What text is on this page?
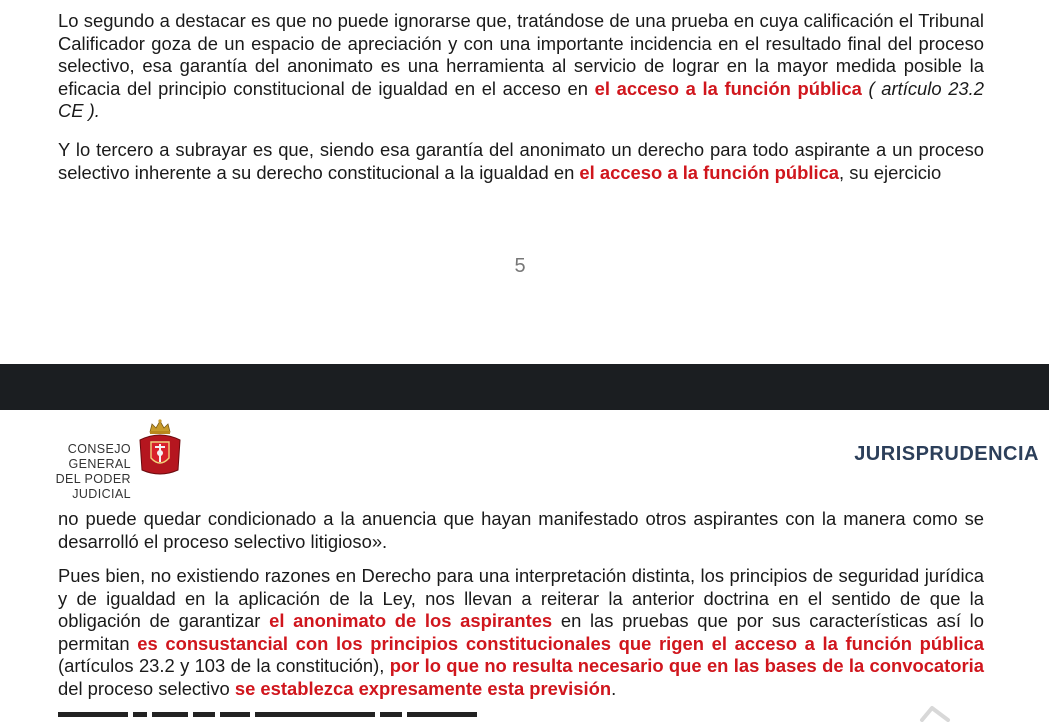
Lo segundo a destacar es que no puede ignorarse que, tratándose de una prueba en cuya calificación el Tribunal Calificador goza de un espacio de apreciación y con una importante incidencia en el resultado final del proceso selectivo, esa garantía del anonimato es una herramienta al servicio de lograr en la mayor medida posible la eficacia del principio constitucional de igualdad en el acceso en el acceso a la función pública ( artículo 23.2 CE ).

Y lo tercero a subrayar es que, siendo esa garantía del anonimato un derecho para todo aspirante a un proceso selectivo inherente a su derecho constitucional a la igualdad en el acceso a la función pública, su ejercicio

5
CONSEJO GENERAL
DEL PODER JUDICIAL
JURISPRUDENCIA

no puede quedar condicionado a la anuencia que hayan manifestado otros aspirantes con la manera como se desarrolló el proceso selectivo litigioso».

Pues bien, no existiendo razones en Derecho para una interpretación distinta, los principios de seguridad jurídica y de igualdad en la aplicación de la Ley, nos llevan a reiterar la anterior doctrina en el sentido de que la obligación de garantizar el anonimato de los aspirantes en las pruebas que por sus características así lo permitan es consustancial con los principios constitucionales que rigen el acceso a la función pública (artículos 23.2 y 103 de la constitución), por lo que no resulta necesario que en las bases de la convocatoria del proceso selectivo se establezca expresamente esta previsión.
